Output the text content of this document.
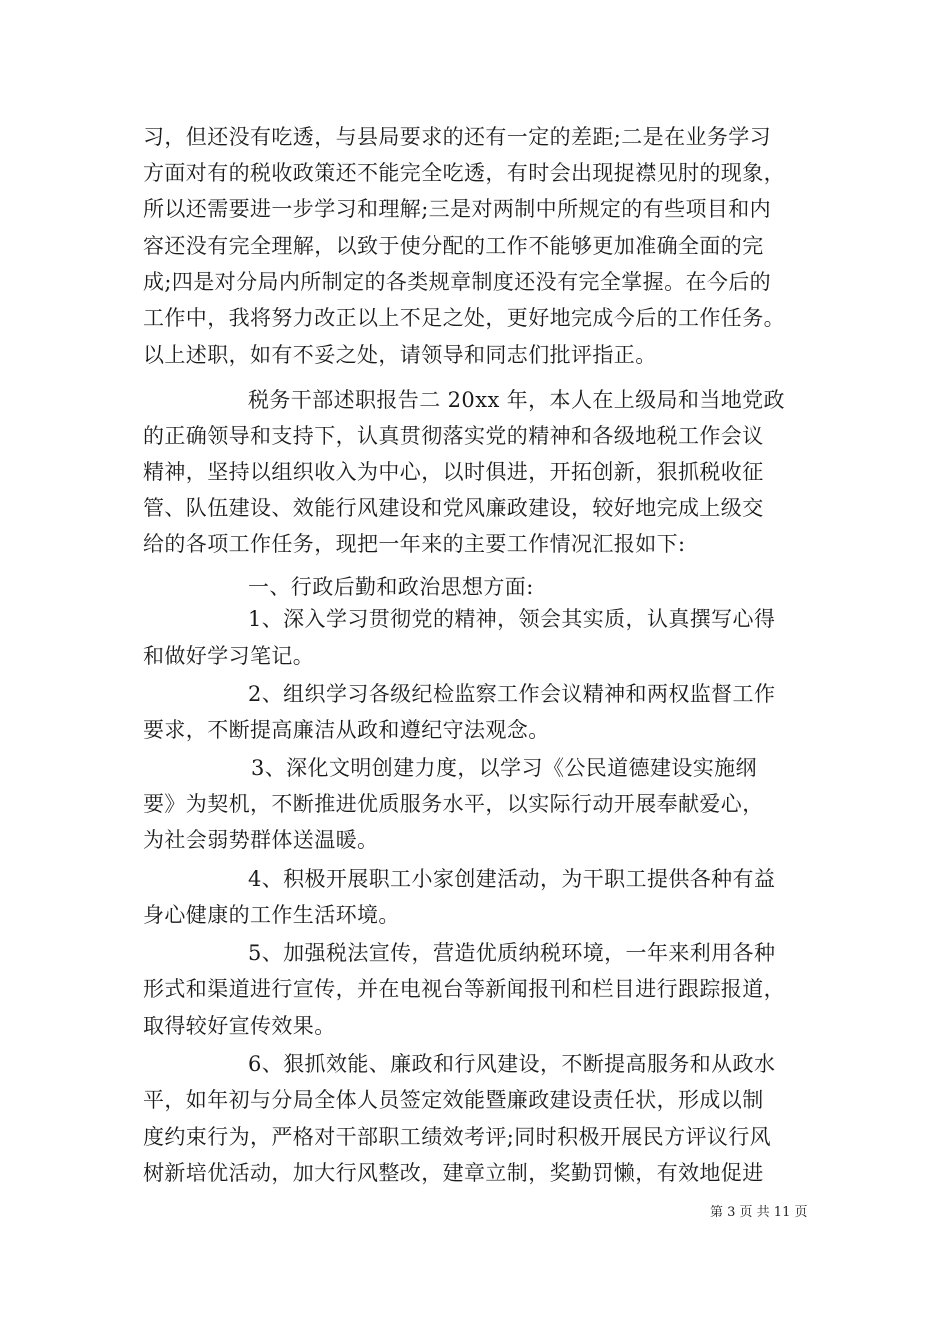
习，但还没有吃透，与县局要求的还有一定的差距;二是在业务学习
方面对有的税收政策还不能完全吃透，有时会出现捉襟见肘的现象，
所以还需要进一步学习和理解;三是对两制中所规定的有些项目和内
容还没有完全理解，以致于使分配的工作不能够更加准确全面的完
成;四是对分局内所制定的各类规章制度还没有完全掌握。在今后的
工作中，我将努力改正以上不足之处，更好地完成今后的工作任务。
以上述职，如有不妥之处，请领导和同志们批评指正。
税务干部述职报告二 20xx 年，本人在上级局和当地党政
的正确领导和支持下，认真贯彻落实党的精神和各级地税工作会议
精神，坚持以组织收入为中心，以时俱进，开拓创新，狠抓税收征
管、队伍建设、效能行风建设和党风廉政建设，较好地完成上级交
给的各项工作任务，现把一年来的主要工作情况汇报如下:
一、行政后勤和政治思想方面:
1、深入学习贯彻党的精神，领会其实质，认真撰写心得
和做好学习笔记。
2、组织学习各级纪检监察工作会议精神和两权监督工作
要求，不断提高廉洁从政和遵纪守法观念。
3、深化文明创建力度，以学习《公民道德建设实施纲
要》为契机，不断推进优质服务水平，以实际行动开展奉献爱心，
为社会弱势群体送温暖。
4、积极开展职工小家创建活动，为干职工提供各种有益
身心健康的工作生活环境。
5、加强税法宣传，营造优质纳税环境，一年来利用各种
形式和渠道进行宣传，并在电视台等新闻报刊和栏目进行跟踪报道，
取得较好宣传效果。
6、狠抓效能、廉政和行风建设，不断提高服务和从政水
平，如年初与分局全体人员签定效能暨廉政建设责任状，形成以制
度约束行为，严格对干部职工绩效考评;同时积极开展民方评议行风
树新培优活动，加大行风整改，建章立制，奖勤罚懒，有效地促进
第 3 页 共 11 页
